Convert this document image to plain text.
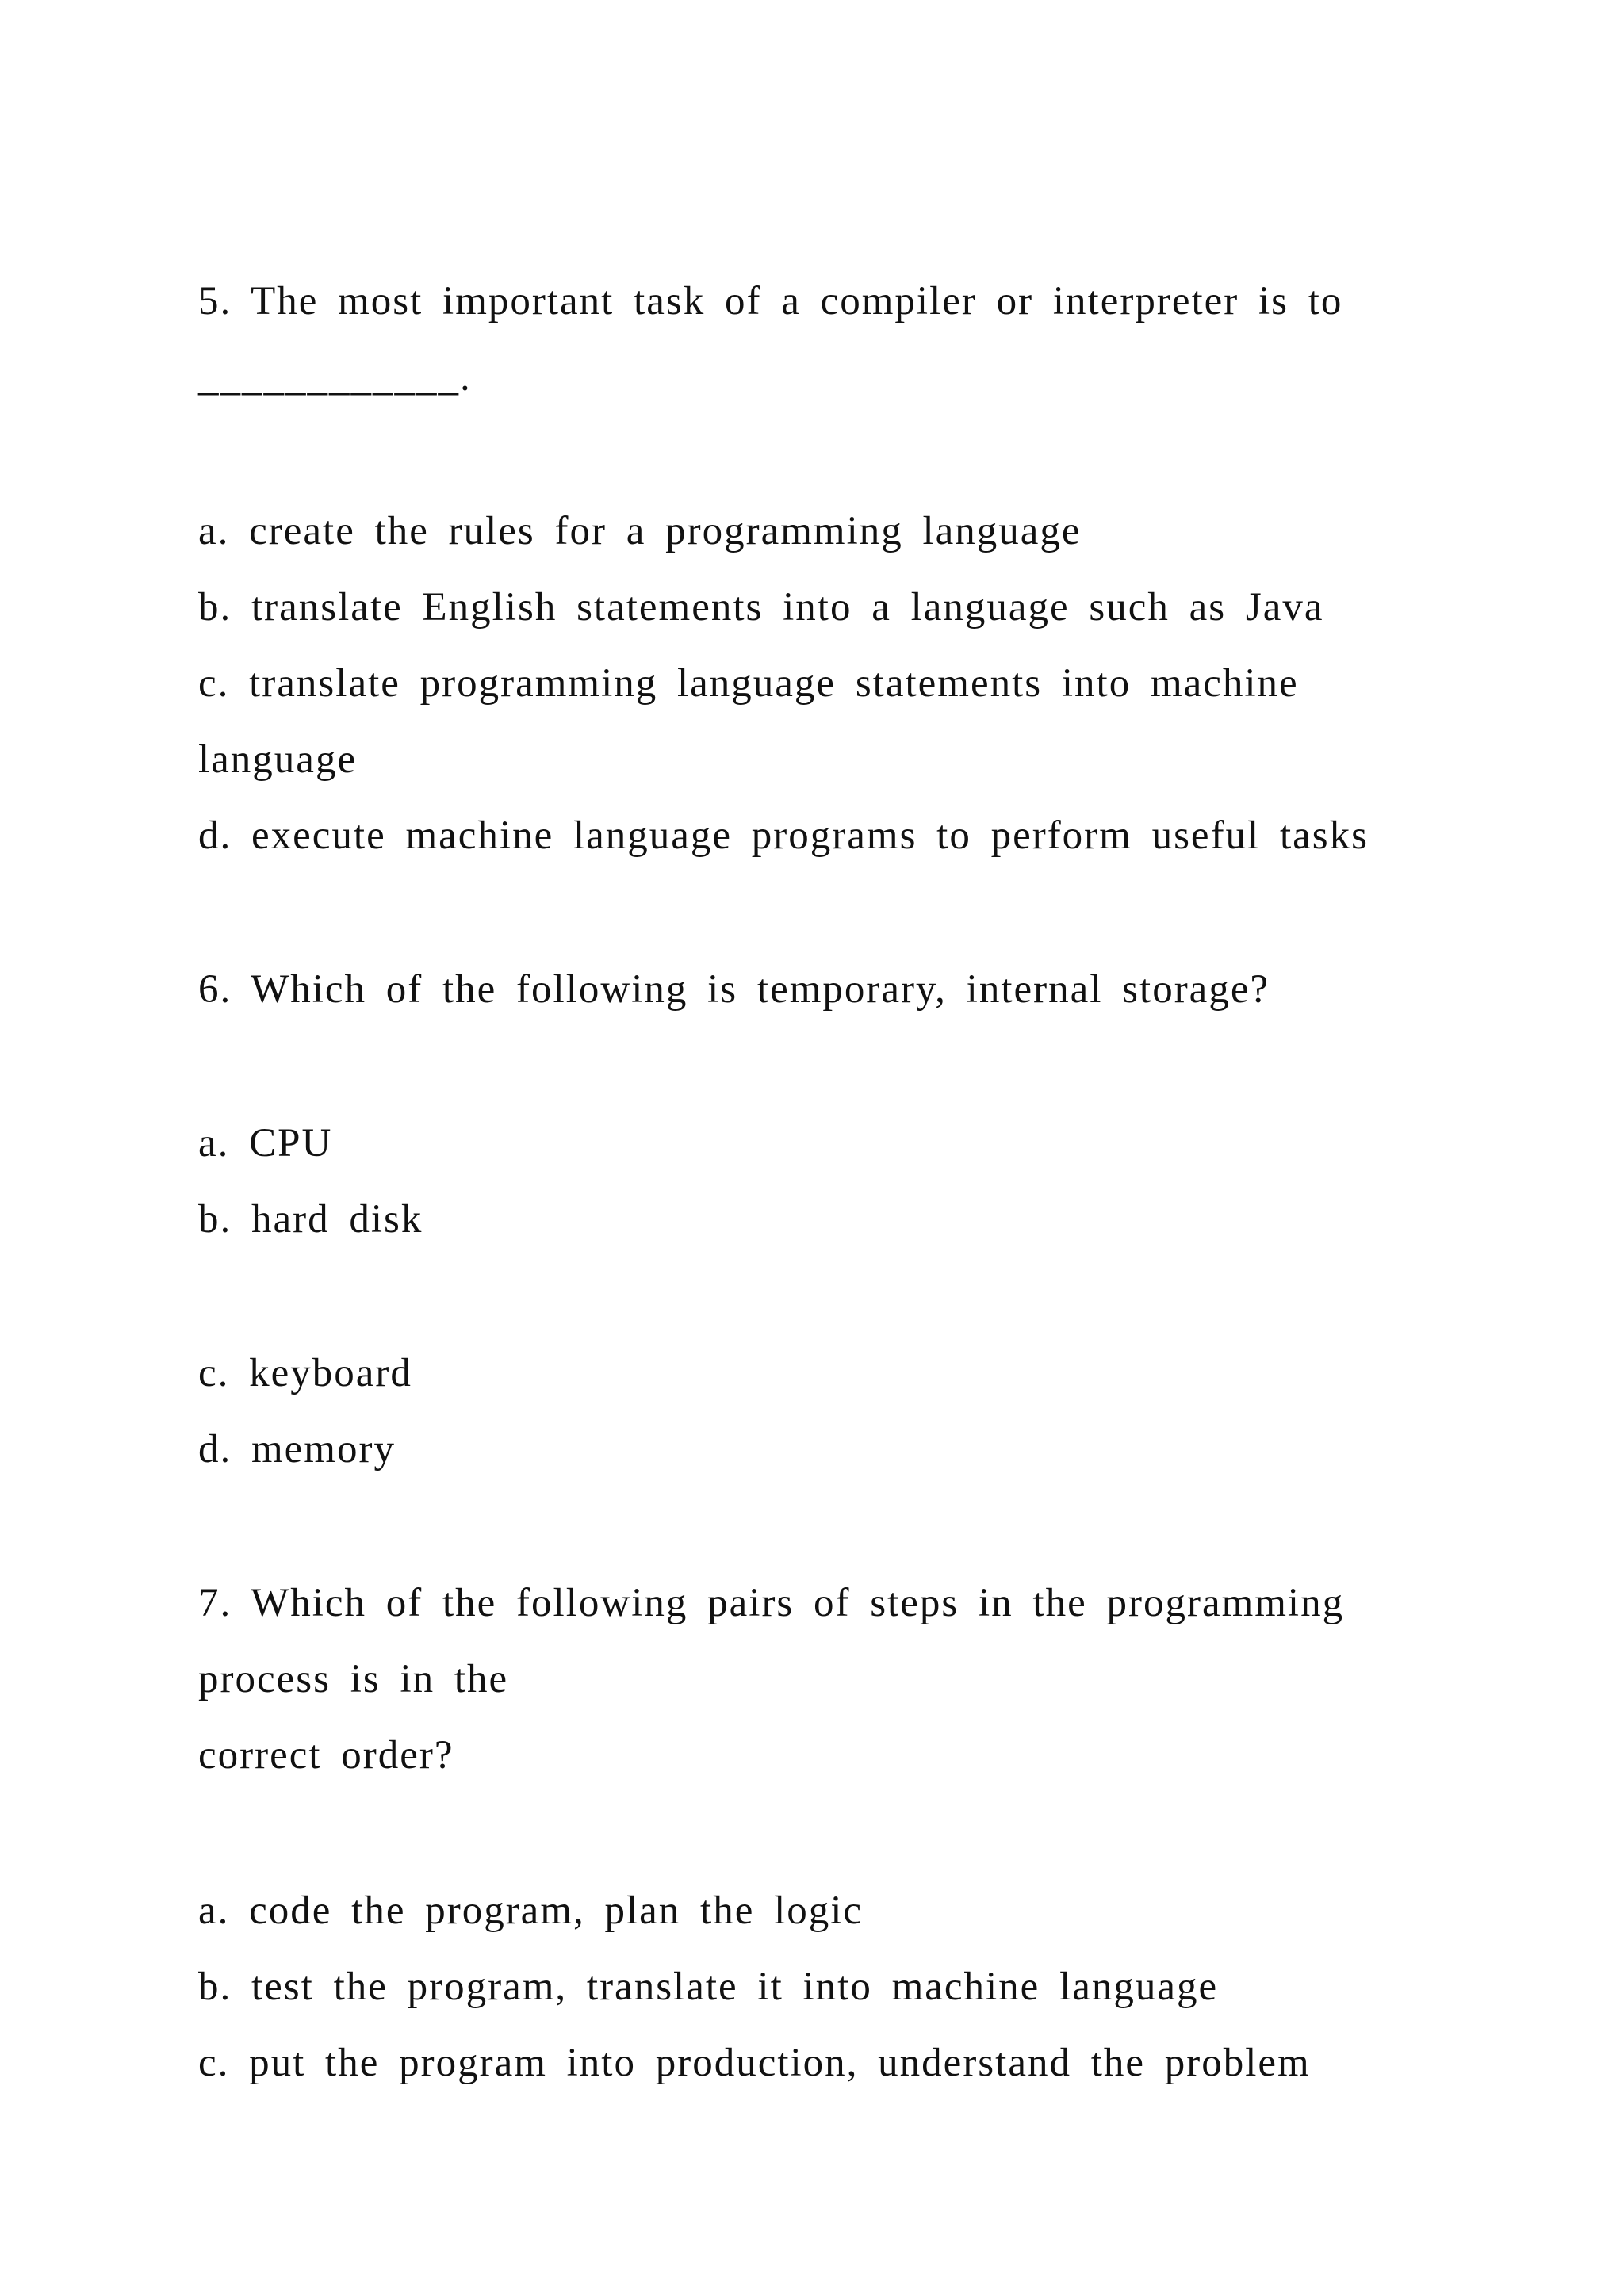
5. The most important task of a compiler or interpreter is to
____________.
a. create the rules for a programming language
b. translate English statements into a language such as Java
c. translate programming language statements into machine
language
d. execute machine language programs to perform useful tasks
6. Which of the following is temporary, internal storage?
a. CPU
b. hard disk
c. keyboard
d. memory
7. Which of the following pairs of steps in the programming
process is in the
correct order?
a. code the program, plan the logic
b. test the program, translate it into machine language
c. put the program into production, understand the problem
